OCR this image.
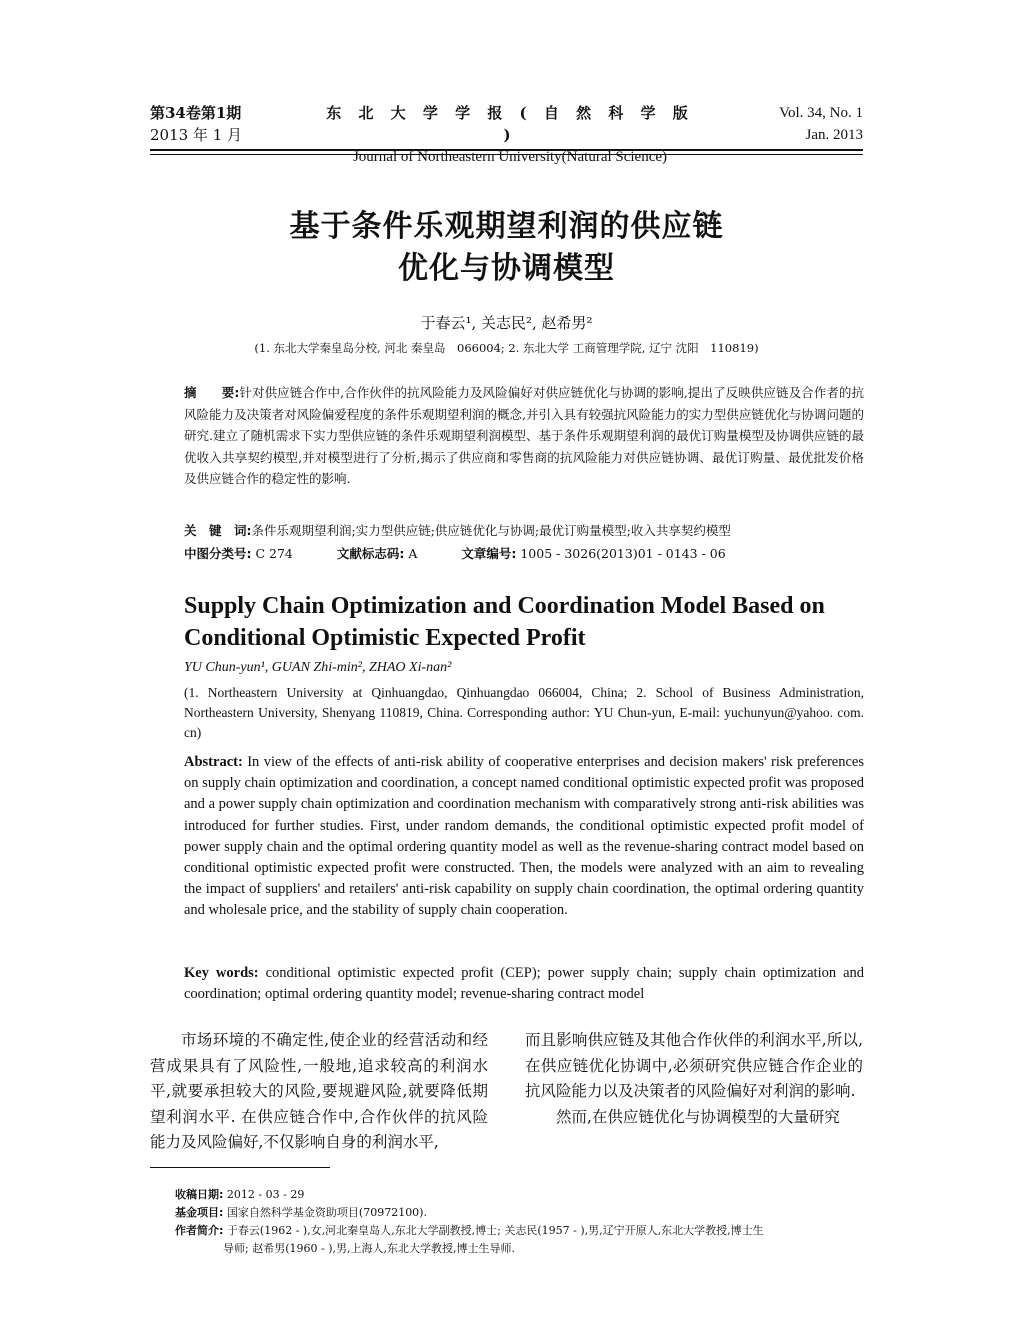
第34卷第1期
2013 年 1 月
东 北 大 学 学 报 ( 自 然 科 学 版 )
Journal of Northeastern University(Natural Science)
Vol. 34, No. 1
Jan. 2013
基于条件乐观期望利润的供应链
优化与协调模型
于春云¹, 关志民², 赵希男²
(1. 东北大学秦皇岛分校, 河北 秦皇岛　066004; 2. 东北大学 工商管理学院, 辽宁 沈阳　110819)
摘　　要:针对供应链合作中,合作伙伴的抗风险能力及风险偏好对供应链优化与协调的影响,提出了反映供应链及合作者的抗风险能力及决策者对风险偏爱程度的条件乐观期望利润的概念,并引入具有较强抗风险能力的实力型供应链优化与协调问题的研究.建立了随机需求下实力型供应链的条件乐观期望利润模型、基于条件乐观期望利润的最优订购量模型及协调供应链的最优收入共享契约模型,并对模型进行了分析,揭示了供应商和零售商的抗风险能力对供应链协调、最优订购量、最优批发价格及供应链合作的稳定性的影响.
关　键　词:条件乐观期望利润;实力型供应链;供应链优化与协调;最优订购量模型;收入共享契约模型
中图分类号: C 274	文献标志码: A	文章编号: 1005 - 3026(2013)01 - 0143 - 06
Supply Chain Optimization and Coordination Model Based on
Conditional Optimistic Expected Profit
YU Chun-yun¹, GUAN Zhi-min², ZHAO Xi-nan²
(1. Northeastern University at Qinhuangdao, Qinhuangdao 066004, China; 2. School of Business Administration, Northeastern University, Shenyang 110819, China. Corresponding author: YU Chun-yun, E-mail: yuchunyun@yahoo. com. cn)
Abstract: In view of the effects of anti-risk ability of cooperative enterprises and decision makers' risk preferences on supply chain optimization and coordination, a concept named conditional optimistic expected profit was proposed and a power supply chain optimization and coordination mechanism with comparatively strong anti-risk abilities was introduced for further studies. First, under random demands, the conditional optimistic expected profit model of power supply chain and the optimal ordering quantity model as well as the revenue-sharing contract model based on conditional optimistic expected profit were constructed. Then, the models were analyzed with an aim to revealing the impact of suppliers' and retailers' anti-risk capability on supply chain coordination, the optimal ordering quantity and wholesale price, and the stability of supply chain cooperation.
Key words: conditional optimistic expected profit (CEP); power supply chain; supply chain optimization and coordination; optimal ordering quantity model; revenue-sharing contract model
市场环境的不确定性,使企业的经营活动和经营成果具有了风险性,一般地,追求较高的利润水平,就要承担较大的风险,要规避风险,就要降低期望利润水平. 在供应链合作中,合作伙伴的抗风险能力及风险偏好,不仅影响自身的利润水平,
而且影响供应链及其他合作伙伴的利润水平,所以,在供应链优化协调中,必须研究供应链合作企业的抗风险能力以及决策者的风险偏好对利润的影响.
然而,在供应链优化与协调模型的大量研究
收稿日期: 2012 - 03 - 29
基金项目: 国家自然科学基金资助项目(70972100).
作者简介: 于春云(1962 - ),女,河北秦皇岛人,东北大学副教授,博士; 关志民(1957 - ),男,辽宁开原人,东北大学教授,博士生
导师; 赵希男(1960 - ),男,上海人,东北大学教授,博士生导师.
